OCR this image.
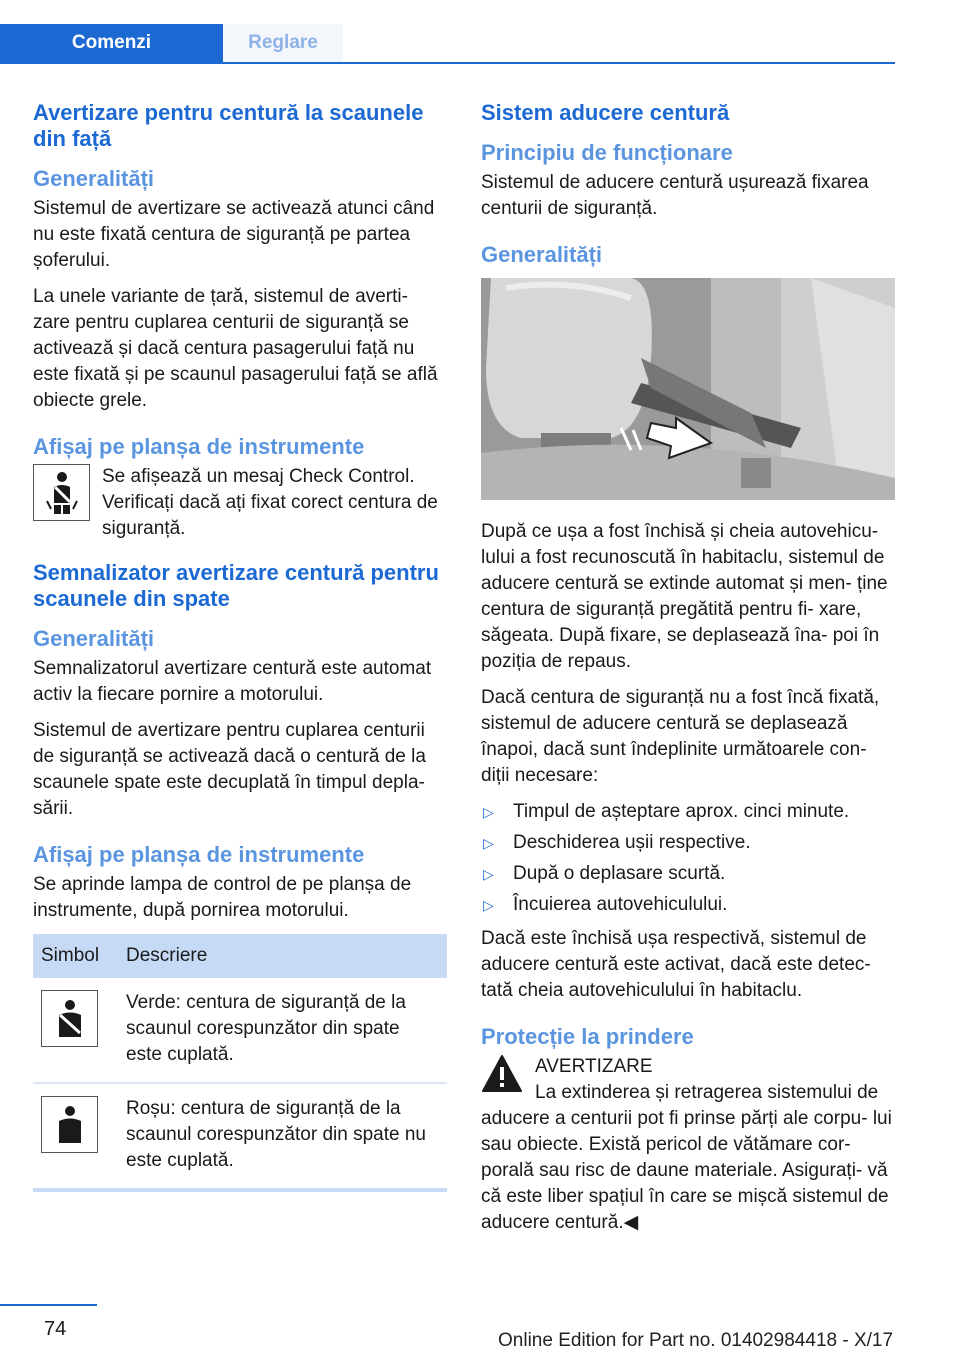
Comenzi	Reglare
Avertizare pentru centură la scaunele din față
Generalități

Sistemul de avertizare se activează atunci când nu este fixată centura de siguranță pe partea șoferului.

La unele variante de țară, sistemul de averti‐ zare pentru cuplarea centurii de siguranță se activează și dacă centura pasagerului față nu este fixată și pe scaunul pasagerului față se află obiecte grele.

Afișaj pe planșa de instrumente
Se afișează un mesaj Check Control. Verificați dacă ați fixat corect centura de siguranță.
Semnalizator avertizare centură pentru scaunele din spate
Generalități

Semnalizatorul avertizare centură este automat activ la fiecare pornire a motorului.

Sistemul de avertizare pentru cuplarea centurii de siguranță se activează dacă o centură de la scaunele spate este decuplată în timpul depla‐ sării.

Afișaj pe planșa de instrumente

Se aprinde lampa de control de pe planșa de instrumente, după pornirea motorului.

Simbol	Descriere

	Verde: centura de siguranță de la scaunul corespunzător din spate este cuplată.

	Roșu: centura de siguranță de la scaunul corespunzător din spate nu este cuplată.
Sistem aducere centură
Principiu de funcționare

Sistemul de aducere centură ușurează fixarea centurii de siguranță.

Generalități

După ce ușa a fost închisă și cheia autovehicu‐ lului a fost recunoscută în habitaclu, sistemul de aducere centură se extinde automat și men‐ ține centura de siguranță pregătită pentru fi‐ xare, săgeata. După fixare, se deplasează îna‐ poi în poziția de repaus.

Dacă centura de siguranță nu a fost încă fixată, sistemul de aducere centură se deplasează înapoi, dacă sunt îndeplinite următoarele con‐ diții necesare:

▷ Timpul de așteptare aprox. cinci minute.
▷ Deschiderea ușii respective.
▷ După o deplasare scurtă.
▷ Încuierea autovehiculului.

Dacă este închisă ușa respectivă, sistemul de aducere centură este activat, dacă este detec‐ tată cheia autovehiculului în habitaclu.

Protecție la prindere
AVERTIZARE
La extinderea și retragerea sistemului de

aducere a centurii pot fi prinse părți ale corpu‐ lui sau obiecte. Există pericol de vătămare cor‐ porală sau risc de daune materiale. Asigurați- vă că este liber spațiul în care se mișcă sistemul de aducere centură.◀

74
Online Edition for Part no. 01402984418 - X/17
